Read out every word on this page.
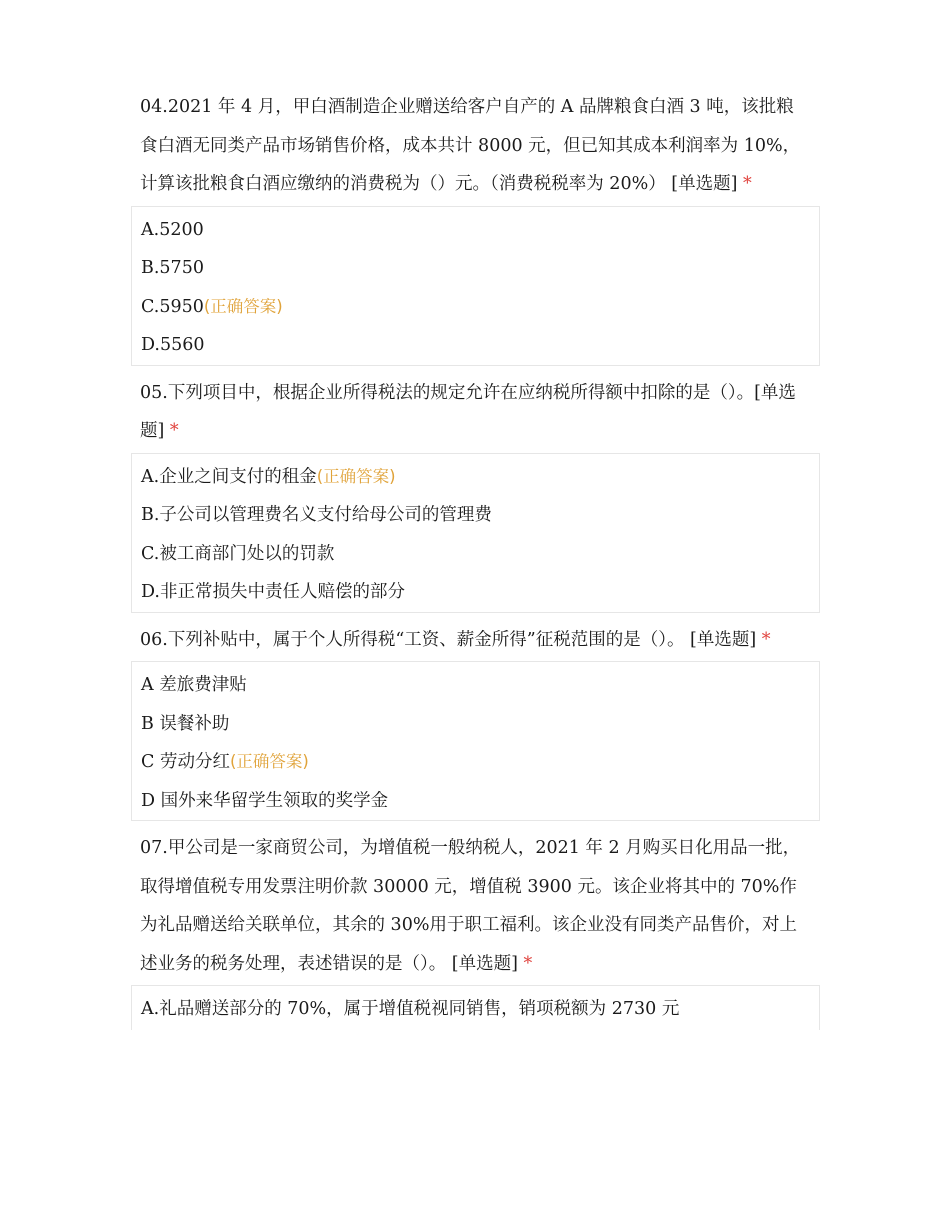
04.2021 年 4 月，甲白酒制造企业赠送给客户自产的 A 品牌粮食白酒 3 吨，该批粮食白酒无同类产品市场销售价格，成本共计 8000 元，但已知其成本利润率为 10%，计算该批粮食白酒应缴纳的消费税为（）元。（消费税税率为 20%） [单选题] *

A.5200
B.5750
C.5950(正确答案)
D.5560

05.下列项目中，根据企业所得税法的规定允许在应纳税所得额中扣除的是（）。[单选题] *

A.企业之间支付的租金(正确答案)
B.子公司以管理费名义支付给母公司的管理费
C.被工商部门处以的罚款
D.非正常损失中责任人赔偿的部分

06.下列补贴中，属于个人所得税“工资、薪金所得”征税范围的是（）。 [单选题] *

A 差旅费津贴
B 误餐补助
C 劳动分红(正确答案)
D 国外来华留学生领取的奖学金

07.甲公司是一家商贸公司，为增值税一般纳税人，2021 年 2 月购买日化用品一批，取得增值税专用发票注明价款 30000 元，增值税 3900 元。该企业将其中的 70%作为礼品赠送给关联单位，其余的 30%用于职工福利。该企业没有同类产品售价，对上述业务的税务处理，表述错误的是（）。 [单选题] *

A.礼品赠送部分的 70%，属于增值税视同销售，销项税额为 2730 元
